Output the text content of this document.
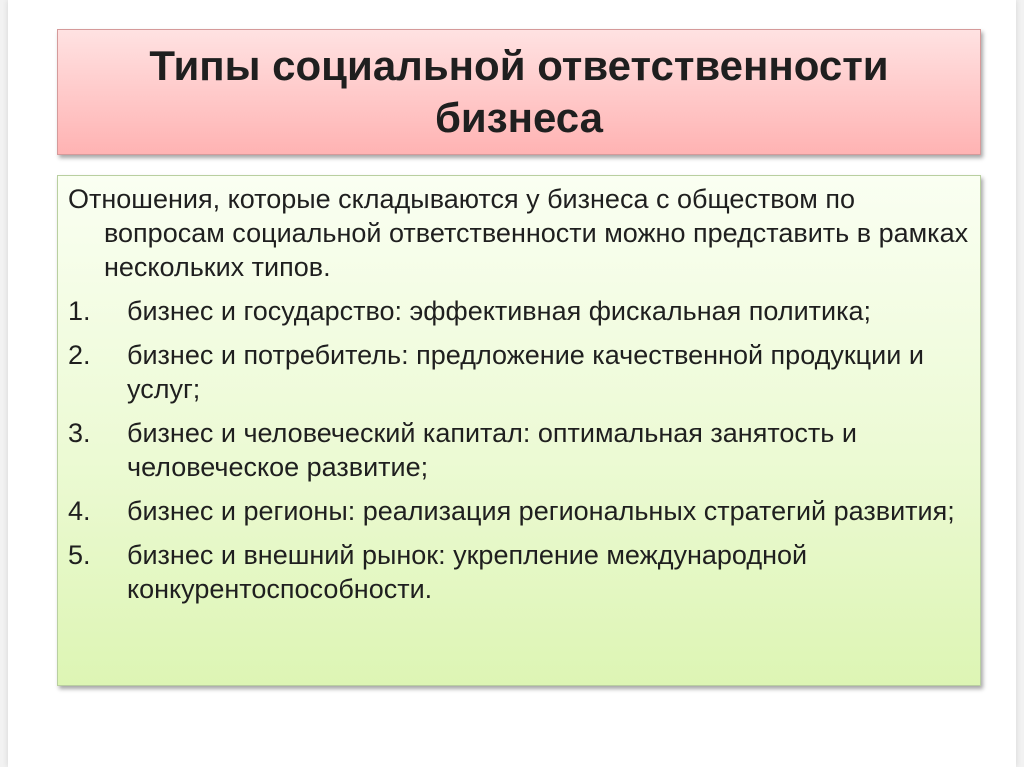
Типы социальной ответственности бизнеса

Отношения, которые складываются у бизнеса с обществом по вопросам социальной ответственности можно представить в рамках нескольких типов.

1.	бизнес и государство: эффективная фискальная политика;
2.	бизнес и потребитель: предложение качественной продукции и услуг;
3.	бизнес и человеческий капитал: оптимальная занятость и человеческое развитие;
4.	бизнес и регионы: реализация региональных стратегий развития;
5.	бизнес и внешний рынок: укрепление международной конкурентоспособности.
